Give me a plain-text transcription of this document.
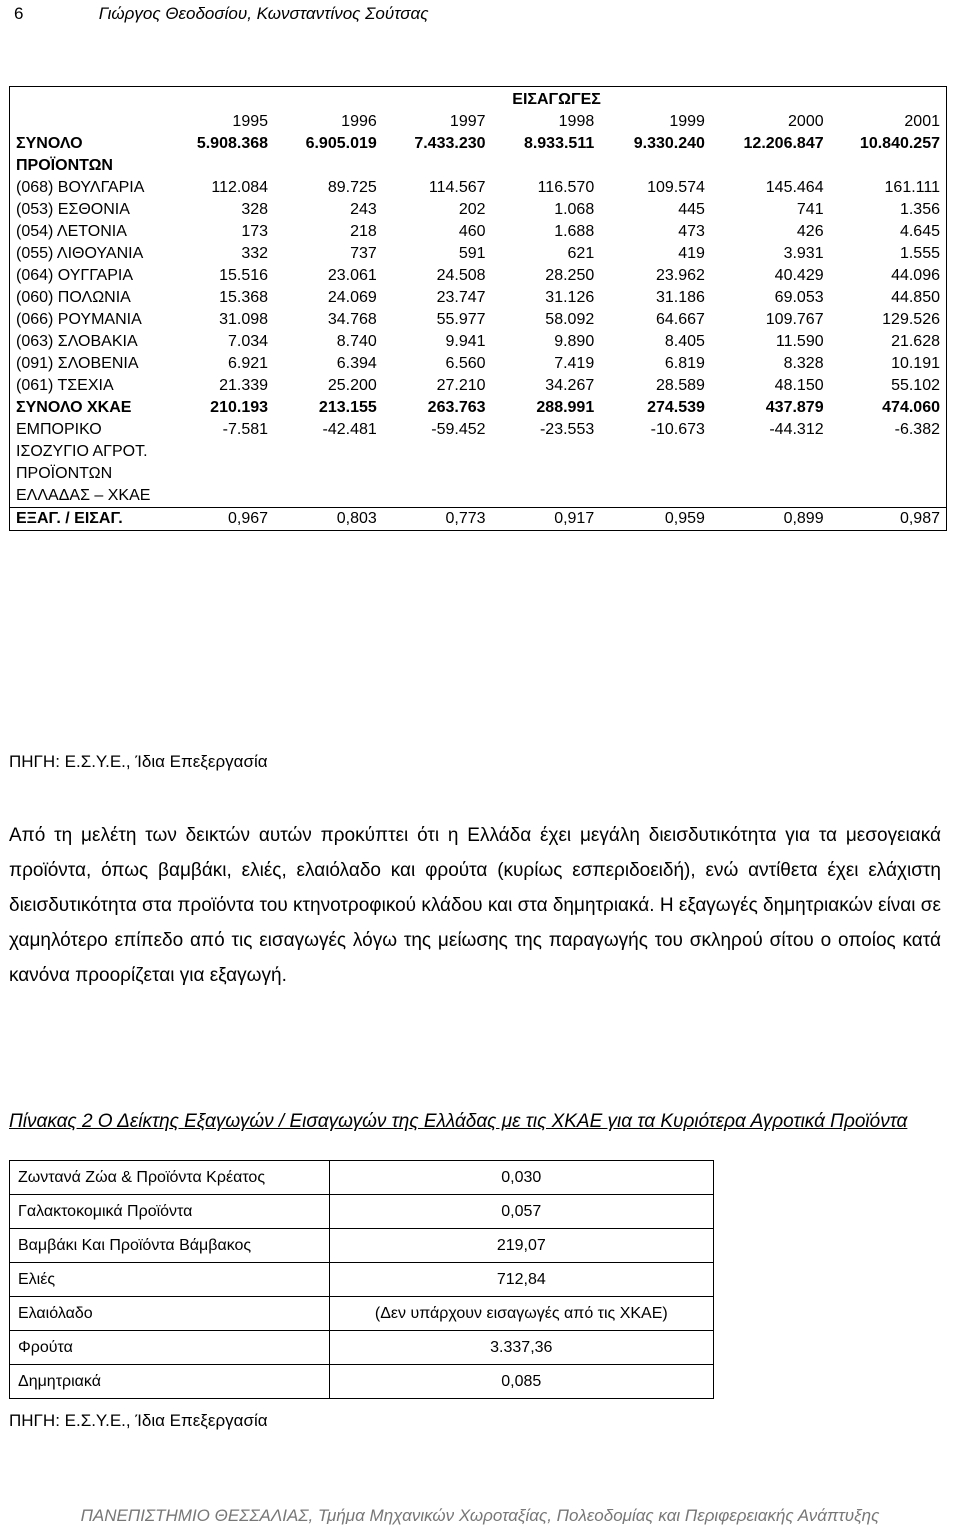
6	Γιώργος Θεοδοσίου, Κωνσταντίνος Σούτσας
	ΕΙΣΑΓΩΓΕΣ						
	1995	1996	1997	1998	1999	2000	2001
ΣΥΝΟΛΟ ΠΡΟΪΟΝΤΩΝ	5.908.368	6.905.019	7.433.230	8.933.511	9.330.240	12.206.847	10.840.257
(068) ΒΟΥΛΓΑΡΙΑ	112.084	89.725	114.567	116.570	109.574	145.464	161.111
(053) ΕΣΘΟΝΙΑ	328	243	202	1.068	445	741	1.356
(054) ΛΕΤΟΝΙΑ	173	218	460	1.688	473	426	4.645
(055) ΛΙΘΟΥΑΝΙΑ	332	737	591	621	419	3.931	1.555
(064) ΟΥΓΓΑΡΙΑ	15.516	23.061	24.508	28.250	23.962	40.429	44.096
(060) ΠΟΛΩΝΙΑ	15.368	24.069	23.747	31.126	31.186	69.053	44.850
(066) ΡΟΥΜΑΝΙΑ	31.098	34.768	55.977	58.092	64.667	109.767	129.526
(063) ΣΛΟΒΑΚΙΑ	7.034	8.740	9.941	9.890	8.405	11.590	21.628
(091) ΣΛΟΒΕΝΙΑ	6.921	6.394	6.560	7.419	6.819	8.328	10.191
(061) ΤΣΕΧΙΑ	21.339	25.200	27.210	34.267	28.589	48.150	55.102
ΣΥΝΟΛΟ ΧΚΑΕ	210.193	213.155	263.763	288.991	274.539	437.879	474.060
ΕΜΠΟΡΙΚΟ ΙΣΟΖΥΓΙΟ ΑΓΡΟΤ. ΠΡΟΪΟΝΤΩΝ ΕΛΛΑΔΑΣ – ΧΚΑΕ	-7.581	-42.481	-59.452	-23.553	-10.673	-44.312	-6.382
ΕΞΑΓ. / ΕΙΣΑΓ.	0,967	0,803	0,773	0,917	0,959	0,899	0,987
ΠΗΓΗ: Ε.Σ.Υ.Ε., Ίδια Επεξεργασία
Από τη μελέτη των δεικτών αυτών προκύπτει ότι η Ελλάδα έχει μεγάλη διεισδυτικότητα για τα μεσογειακά προϊόντα, όπως βαμβάκι, ελιές, ελαιόλαδο και φρούτα (κυρίως εσπεριδοειδή), ενώ αντίθετα έχει ελάχιστη διεισδυτικότητα στα προϊόντα του κτηνοτροφικού κλάδου και στα δημητριακά. Η εξαγωγές δημητριακών είναι σε χαμηλότερο επίπεδο από τις εισαγωγές λόγω της μείωσης της παραγωγής του σκληρού σίτου ο οποίος κατά κανόνα προορίζεται για εξαγωγή.
Πίνακας 2 Ο Δείκτης Εξαγωγών / Εισαγωγών της Ελλάδας με τις ΧΚΑΕ για τα Κυριότερα Αγροτικά Προϊόντα
Ζωντανά Ζώα & Προϊόντα Κρέατος	0,030
Γαλακτοκομικά Προϊόντα	0,057
Βαμβάκι Και Προϊόντα Βάμβακος	219,07
Ελιές	712,84
Ελαιόλαδο	(Δεν υπάρχουν εισαγωγές από τις ΧΚΑΕ)
Φρούτα	3.337,36
Δημητριακά	0,085
ΠΗΓΗ: Ε.Σ.Υ.Ε., Ίδια Επεξεργασία
ΠΑΝΕΠΙΣΤΗΜΙΟ ΘΕΣΣΑΛΙΑΣ, Τμήμα Μηχανικών Χωροταξίας, Πολεοδομίας και Περιφερειακής Ανάπτυξης
